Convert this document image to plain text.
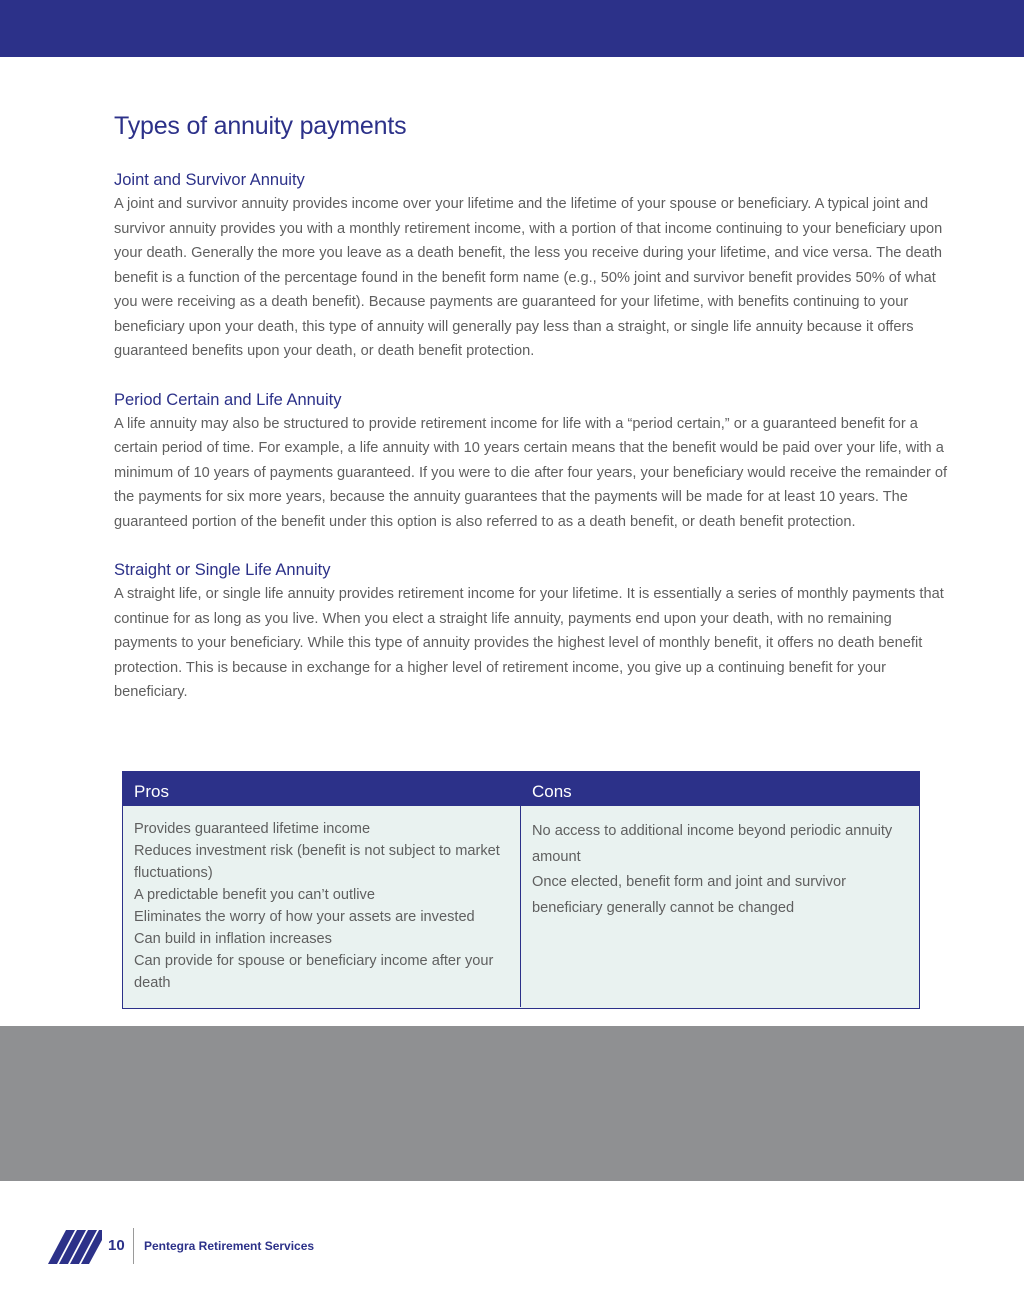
Types of annuity payments
Joint and Survivor Annuity

A joint and survivor annuity provides income over your lifetime and the lifetime of your spouse or beneficiary. A typical joint and survivor annuity provides you with a monthly retirement income, with a portion of that income continuing to your beneficiary upon your death. Generally the more you leave as a death benefit, the less you receive during your lifetime, and vice versa. The death benefit is a function of the percentage found in the benefit form name (e.g., 50% joint and survivor benefit provides 50% of what you were receiving as a death benefit). Because payments are guaranteed for your lifetime, with benefits continuing to your beneficiary upon your death, this type of annuity will generally pay less than a straight, or single life annuity because it offers guaranteed benefits upon your death, or death benefit protection.

Period Certain and Life Annuity

A life annuity may also be structured to provide retirement income for life with a “period certain,” or a guaranteed benefit for a certain period of time. For example, a life annuity with 10 years certain means that the benefit would be paid over your life, with a minimum of 10 years of payments guaranteed. If you were to die after four years, your beneficiary would receive the remainder of the payments for six more years, because the annuity guarantees that the payments will be made for at least 10 years. The guaranteed portion of the benefit under this option is also referred to as a death benefit, or death benefit protection.

Straight or Single Life Annuity

A straight life, or single life annuity provides retirement income for your lifetime. It is essentially a series of monthly payments that continue for as long as you live. When you elect a straight life annuity, payments end upon your death, with no remaining payments to your beneficiary. While this type of annuity provides the highest level of monthly benefit, it offers no death benefit protection. This is because in exchange for a higher level of retirement income, you give up a continuing benefit for your beneficiary.

Pros	Cons
Provides guaranteed lifetime income
Reduces investment risk (benefit is not subject to market fluctuations)
A predictable benefit you can’t outlive
Eliminates the worry of how your assets are invested
Can build in inflation increases
Can provide for spouse or beneficiary income after your death
No access to additional income beyond periodic annuity amount
Once elected, benefit form and joint and survivor beneficiary generally cannot be changed
10 Pentegra Retirement Services
